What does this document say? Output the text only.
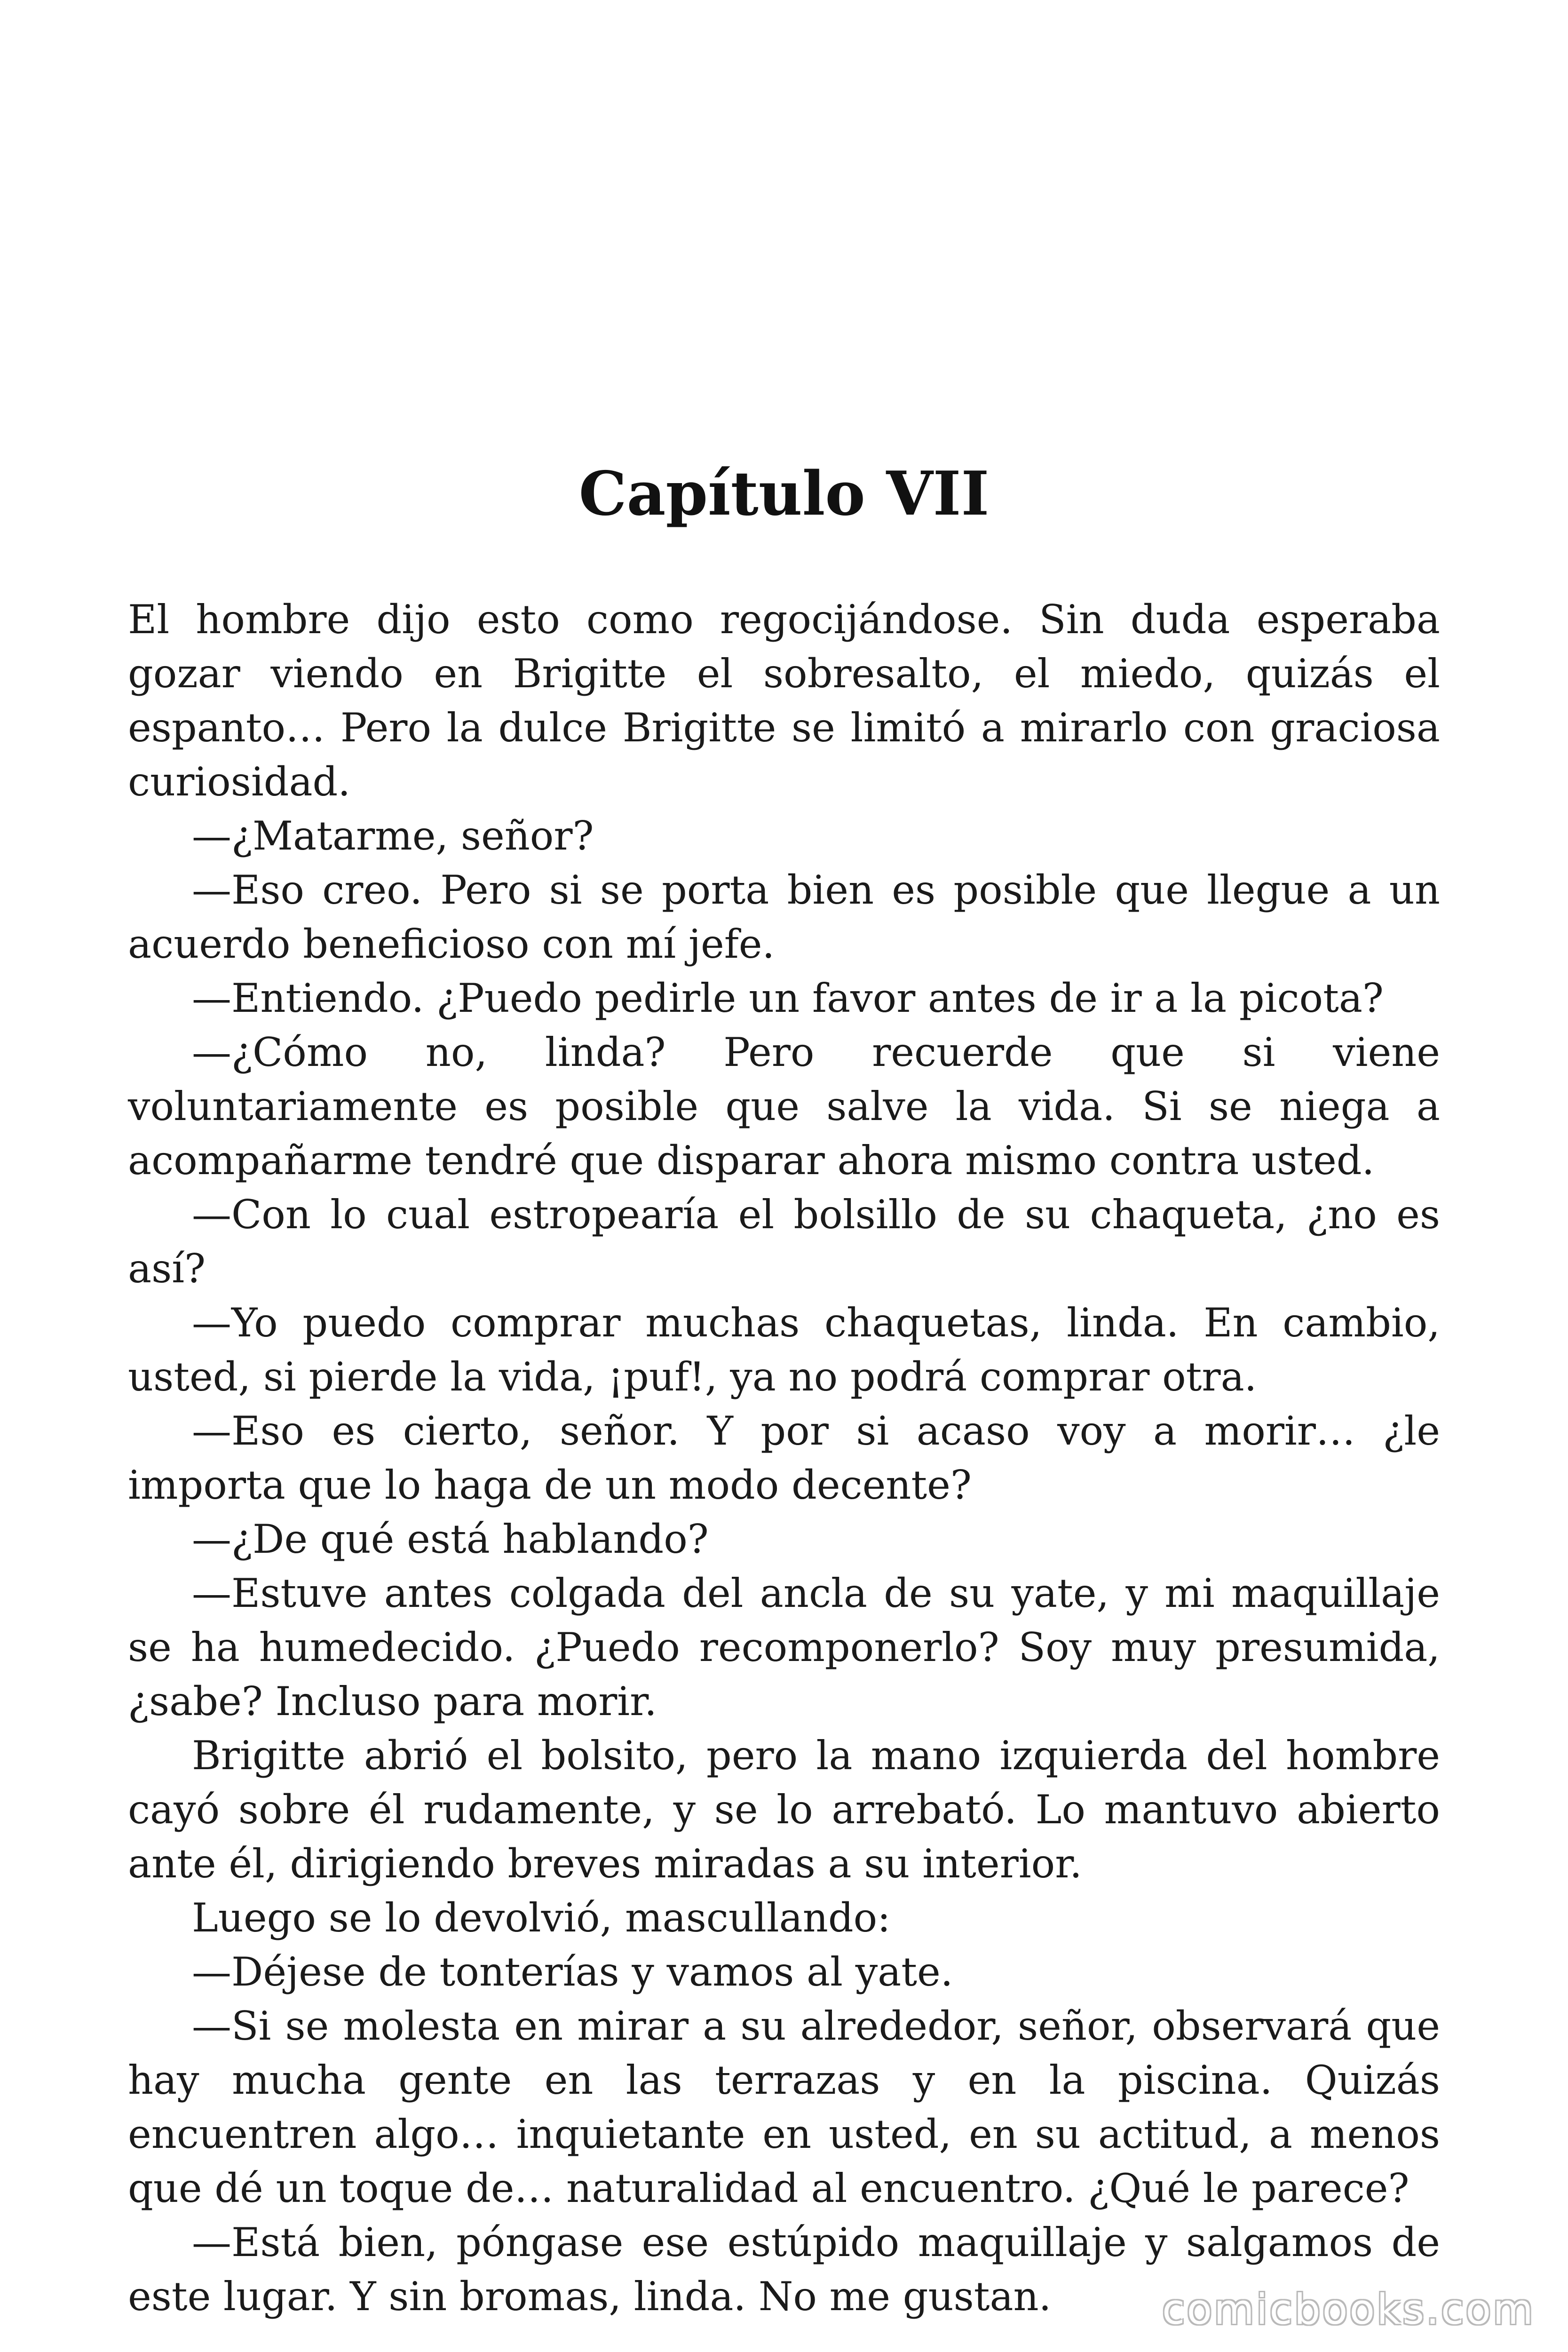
Capítulo VII

El hombre dijo esto como regocijándose. Sin duda esperaba gozar viendo en Brigitte el sobresalto, el miedo, quizás el espanto… Pero la dulce Brigitte se limitó a mirarlo con graciosa curiosidad.

—¿Matarme, señor?

—Eso creo. Pero si se porta bien es posible que llegue a un acuerdo beneficioso con mí jefe.

—Entiendo. ¿Puedo pedirle un favor antes de ir a la picota?

—¿Cómo no, linda? Pero recuerde que si viene voluntariamente es posible que salve la vida. Si se niega a acompañarme tendré que disparar ahora mismo contra usted.

—Con lo cual estropearía el bolsillo de su chaqueta, ¿no es así?

—Yo puedo comprar muchas chaquetas, linda. En cambio, usted, si pierde la vida, ¡puf!, ya no podrá comprar otra.

—Eso es cierto, señor. Y por si acaso voy a morir… ¿le importa que lo haga de un modo decente?

—¿De qué está hablando?

—Estuve antes colgada del ancla de su yate, y mi maquillaje se ha humedecido. ¿Puedo recomponerlo? Soy muy presumida, ¿sabe? Incluso para morir.

Brigitte abrió el bolsito, pero la mano izquierda del hombre cayó sobre él rudamente, y se lo arrebató. Lo mantuvo abierto ante él, dirigiendo breves miradas a su interior.

Luego se lo devolvió, mascullando:

—Déjese de tonterías y vamos al yate.

—Si se molesta en mirar a su alrededor, señor, observará que hay mucha gente en las terrazas y en la piscina. Quizás encuentren algo… inquietante en usted, en su actitud, a menos que dé un toque de… naturalidad al encuentro. ¿Qué le parece?

—Está bien, póngase ese estúpido maquillaje y salgamos de este lugar. Y sin bromas, linda. No me gustan.	comicbooks.com
